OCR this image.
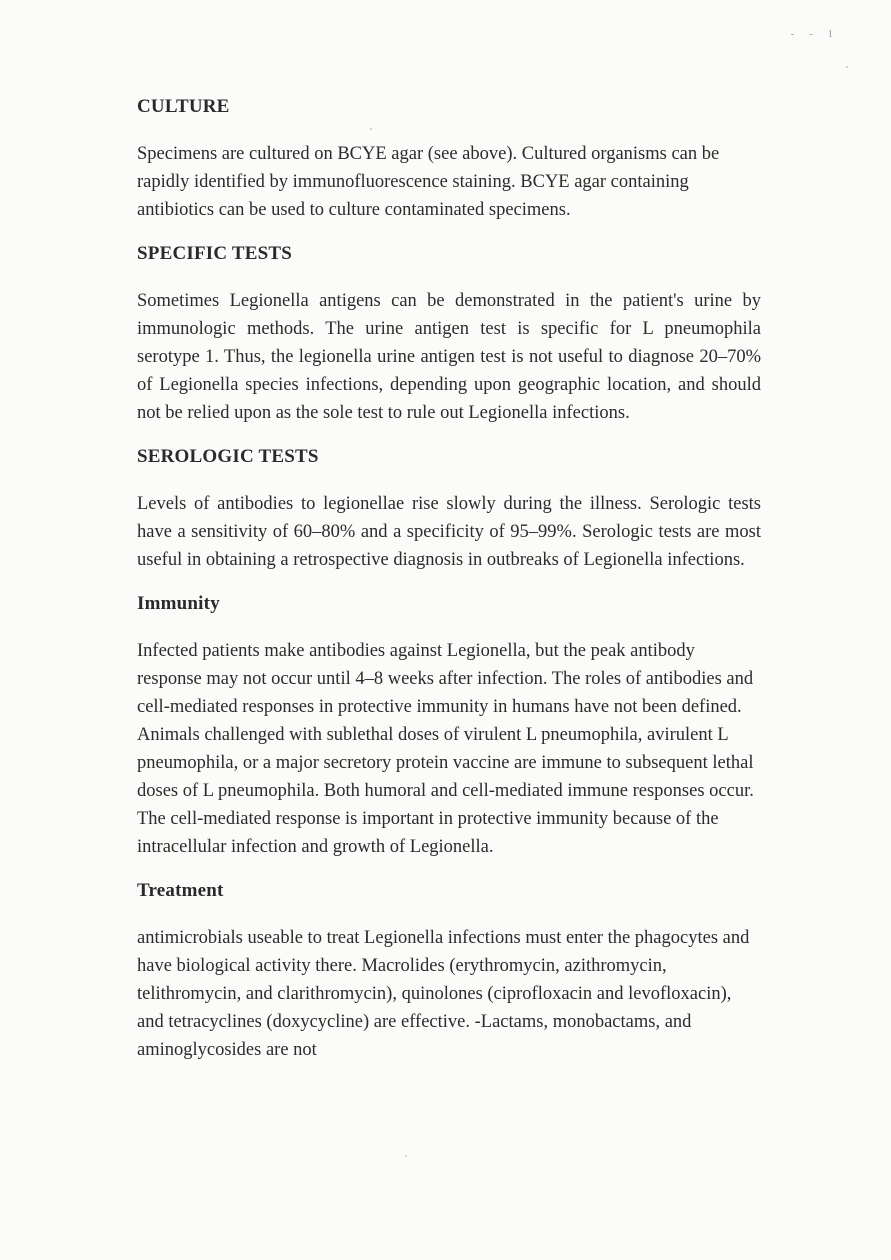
- - 1
CULTURE

Specimens are cultured on BCYE agar (see above). Cultured organisms can be rapidly identified by immunofluorescence staining. BCYE agar containing antibiotics can be used to culture contaminated specimens.

SPECIFIC TESTS

Sometimes Legionella antigens can be demonstrated in the patient's urine by immunologic methods. The urine antigen test is specific for L pneumophila serotype 1. Thus, the legionella urine antigen test is not useful to diagnose 20–70% of Legionella species infections, depending upon geographic location, and should not be relied upon as the sole test to rule out Legionella infections.

SEROLOGIC TESTS

Levels of antibodies to legionellae rise slowly during the illness. Serologic tests have a sensitivity of 60–80% and a specificity of 95–99%. Serologic tests are most useful in obtaining a retrospective diagnosis in outbreaks of Legionella infections.

Immunity

Infected patients make antibodies against Legionella, but the peak antibody response may not occur until 4–8 weeks after infection. The roles of antibodies and cell-mediated responses in protective immunity in humans have not been defined. Animals challenged with sublethal doses of virulent L pneumophila, avirulent L pneumophila, or a major secretory protein vaccine are immune to subsequent lethal doses of L pneumophila. Both humoral and cell-mediated immune responses occur. The cell-mediated response is important in protective immunity because of the intracellular infection and growth of Legionella.

Treatment

antimicrobials useable to treat Legionella infections must enter the phagocytes and have biological activity there. Macrolides (erythromycin, azithromycin, telithromycin, and clarithromycin), quinolones (ciprofloxacin and levofloxacin), and tetracyclines (doxycycline) are effective. -Lactams, monobactams, and aminoglycosides are not
